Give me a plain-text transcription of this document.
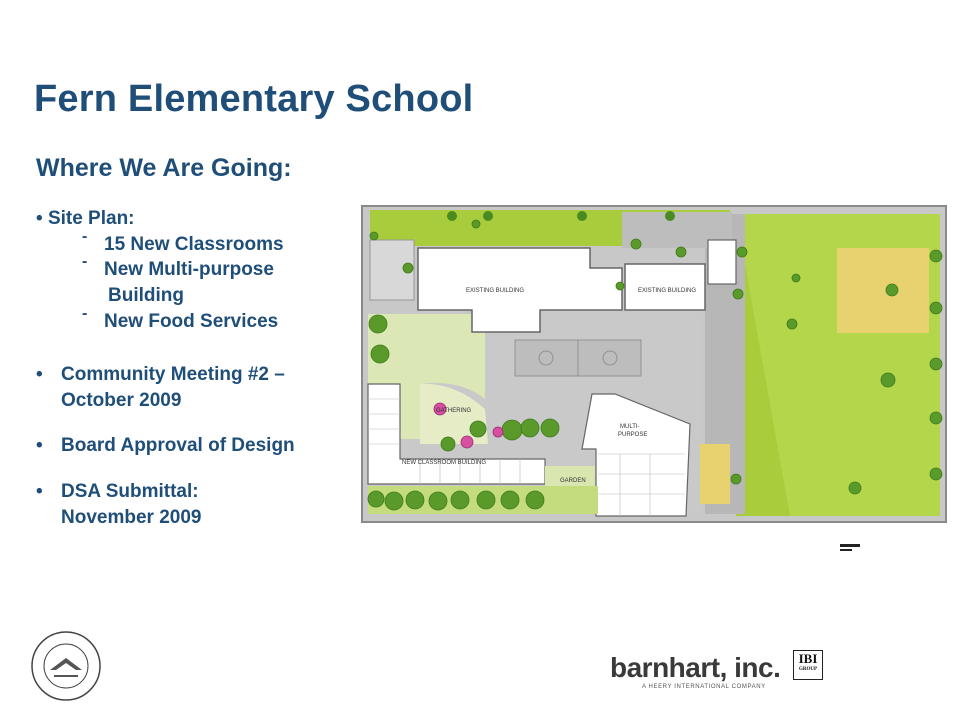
Fern Elementary School
Where We Are Going:
• Site Plan:
- 15 New Classrooms
- New Multi-purpose
Building
- New Food Services
• Community Meeting #2 –
October 2009
• Board Approval of Design
• DSA Submittal:
November 2009
EXISTING BUILDING	EXISTING BUILDING
GATHERING
NEW CLASSROOM BUILDING
MULTI-
PURPOSE
GARDEN
barnhart, inc.
A HEERY INTERNATIONAL COMPANY
IBI
GROUP
